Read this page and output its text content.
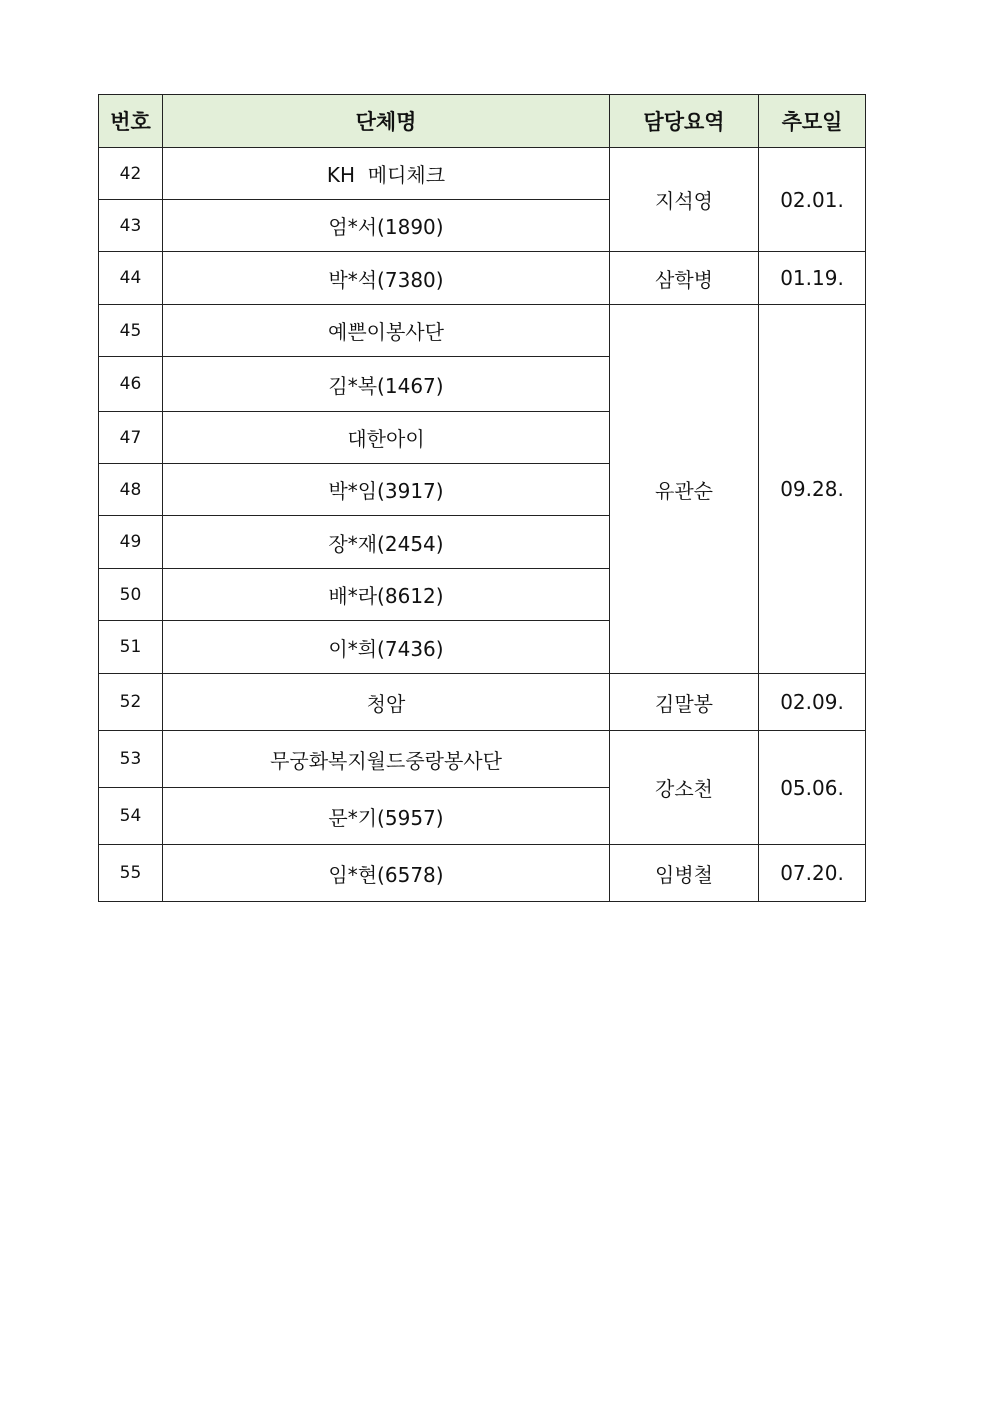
번호	단체명	담당요역	추모일
42	KH  메디체크	지석영	02.01.
43	엄*서(1890)		
44	박*석(7380)	삼학병	01.19.
45	예쁜이봉사단	유관순	09.28.
46	김*복(1467)		
47	대한아이		
48	박*임(3917)		
49	장*재(2454)		
50	배*라(8612)		
51	이*희(7436)		
52	청암	김말봉	02.09.
53	무궁화복지월드중랑봉사단	강소천	05.06.
54	문*기(5957)		
55	임*현(6578)	임병철	07.20.
